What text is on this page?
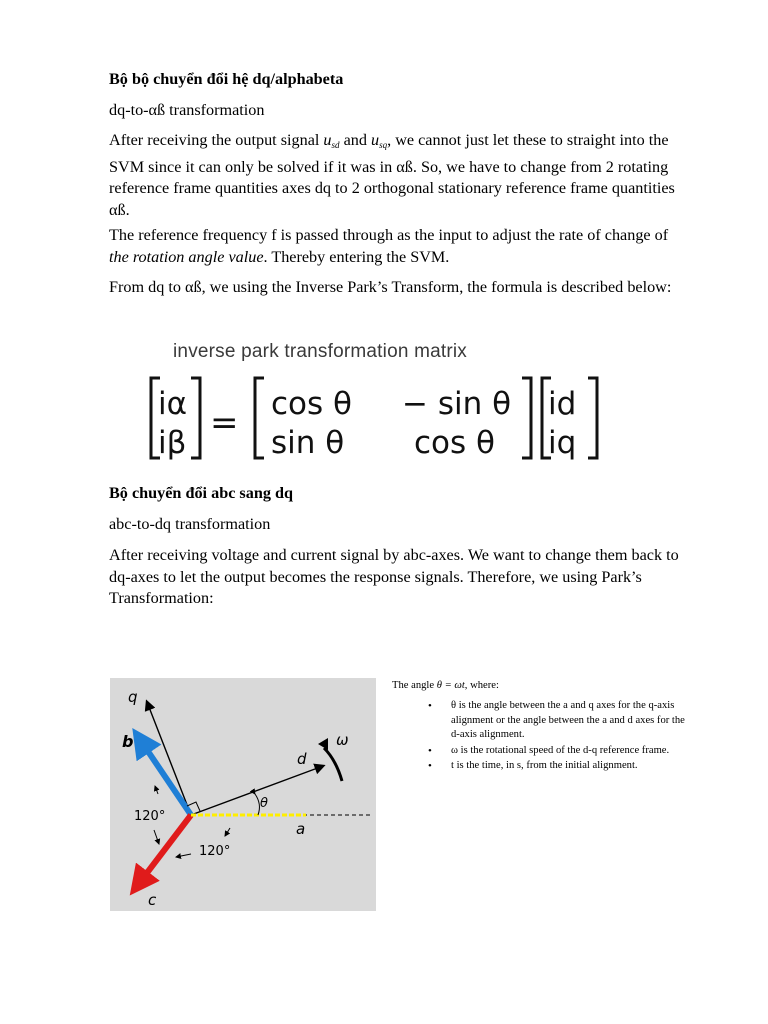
Bộ bộ chuyển đổi hệ dq/alphabeta

dq-to-αß transformation

After receiving the output signal $u_{sd}$ and $u_{sq}$, we cannot just let these to straight into the SVM since it can only be solved if it was in αß. So, we have to change from 2 rotating reference frame quantities axes dq to 2 orthogonal stationary reference frame quantities αß.

The reference frequency f is passed through as the input to adjust the rate of change of the rotation angle value. Thereby entering the SVM.

From dq to αß, we using the Inverse Park’s Transform, the formula is described below:

inverse park transformation matrix
iα
iβ = cos θ − sin θ
sin θ cos θ
id
iq

Bộ chuyển đổi abc sang dq

abc-to-dq transformation

After receiving voltage and current signal by abc-axes. We want to change them back to dq-axes to let the output becomes the response signals. Therefore, we using Park’s Transformation:

q
b
d
ω
θ
a
c
120°
120°
The angle θ = ωt, where:
• θ is the angle between the a and q axes for the q-axis alignment or the angle between the a and d axes for the d-axis alignment.
• ω is the rotational speed of the d-q reference frame.
• t is the time, in s, from the initial alignment.
